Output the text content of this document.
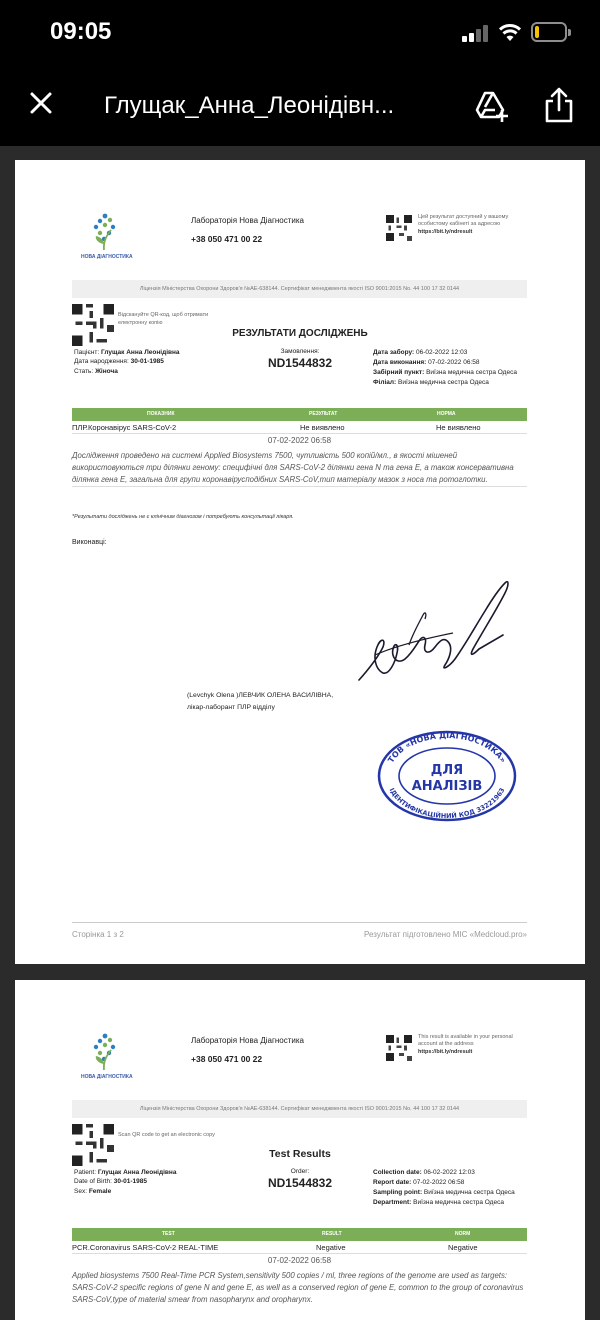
09:05
Глущак_Анна_Леонідівн...
НОВА ДІАГНОСТИКА
Лабораторія Нова Діагностика
+38 050 471 00 22
Цей результат доступний у вашому особистому кабінеті за адресою https://bit.ly/ndresult
Ліцензія Міністерства Охорони Здоров'я №АЕ-638144. Сертифікат менеджмента якості ISO 9001:2015 No. 44 100 17 32 0144
Відскануйте QR-код, щоб отримати електронну копію
РЕЗУЛЬТАТИ ДОСЛІДЖЕНЬ
Пацієнт: Глущак Анна Леонідівна
Дата народження: 30-01-1985
Стать: Жіноча
Замовлення:
ND1544832
Дата забору: 06-02-2022 12:03
Дата виконання: 07-02-2022 06:58
Забірний пункт: Виїзна медична сестра Одеса
Філіал: Виїзна медична сестра Одеса
ПОКАЗНИК	РЕЗУЛЬТАТ	НОРМА
ПЛР.Коронавірус SARS-CoV-2	Не виявлено	Не виявлено
07-02-2022 06:58
Дослідження проведено на системі Applied Biosystems 7500, чутливість 500 копій/мл., в якості мішеней використовуються три ділянки геному: специфічні для SARS-CoV-2 ділянки гена N та гена Е, а також консервативна ділянка гена E, загальна для групи коронавірусподібних SARS-CoV,тип матеріалу мазок з носа та ротоглотки.
*Результати досліджень не є клінічним діагнозом і потребують консультації лікаря.
Виконавці:
(Levchyk Olena )ЛЕВЧИК ОЛЕНА ВАСИЛІВНА, лікар-лаборант ПЛР відділу
ТОВ «НОВА ДІАГНОСТИКА»
ІДЕНТИФІКАЦІЙНИЙ КОД 33221963
ДЛЯ
АНАЛІЗІВ
Сторінка 1 з 2	Результат підготовлено МІС «Medcloud.pro»
НОВА ДІАГНОСТИКА
Лабораторія Нова Діагностика
+38 050 471 00 22
This result is available in your personal account at the address https://bit.ly/ndresult
Ліцензія Міністерства Охорони Здоров'я №АЕ-638144. Сертифікат менеджмента якості ISO 9001:2015 No. 44 100 17 32 0144
Scan QR code to get an electronic copy
Test Results
Patient: Глущак Анна Леонідівна
Date of Birth: 30-01-1985
Sex: Female
Order:
ND1544832
Collection date: 06-02-2022 12:03
Report date: 07-02-2022 06:58
Sampling point: Виїзна медична сестра Одеса
Department: Виїзна медична сестра Одеса
TEST	RESULT	NORM
PCR.Coronavirus SARS-CoV-2 REAL-TIME	Negative	Negative
07-02-2022 06:58
Applied biosystems 7500 Real-Time PCR System,sensitivity 500 copies / ml, three regions of the genome are used as targets: SARS-CoV-2 specific regions of gene N and gene E, as well as a conserved region of gene E, common to the group of coronavirus SARS-CoV,type of material smear from nasopharynx and oropharynx.
